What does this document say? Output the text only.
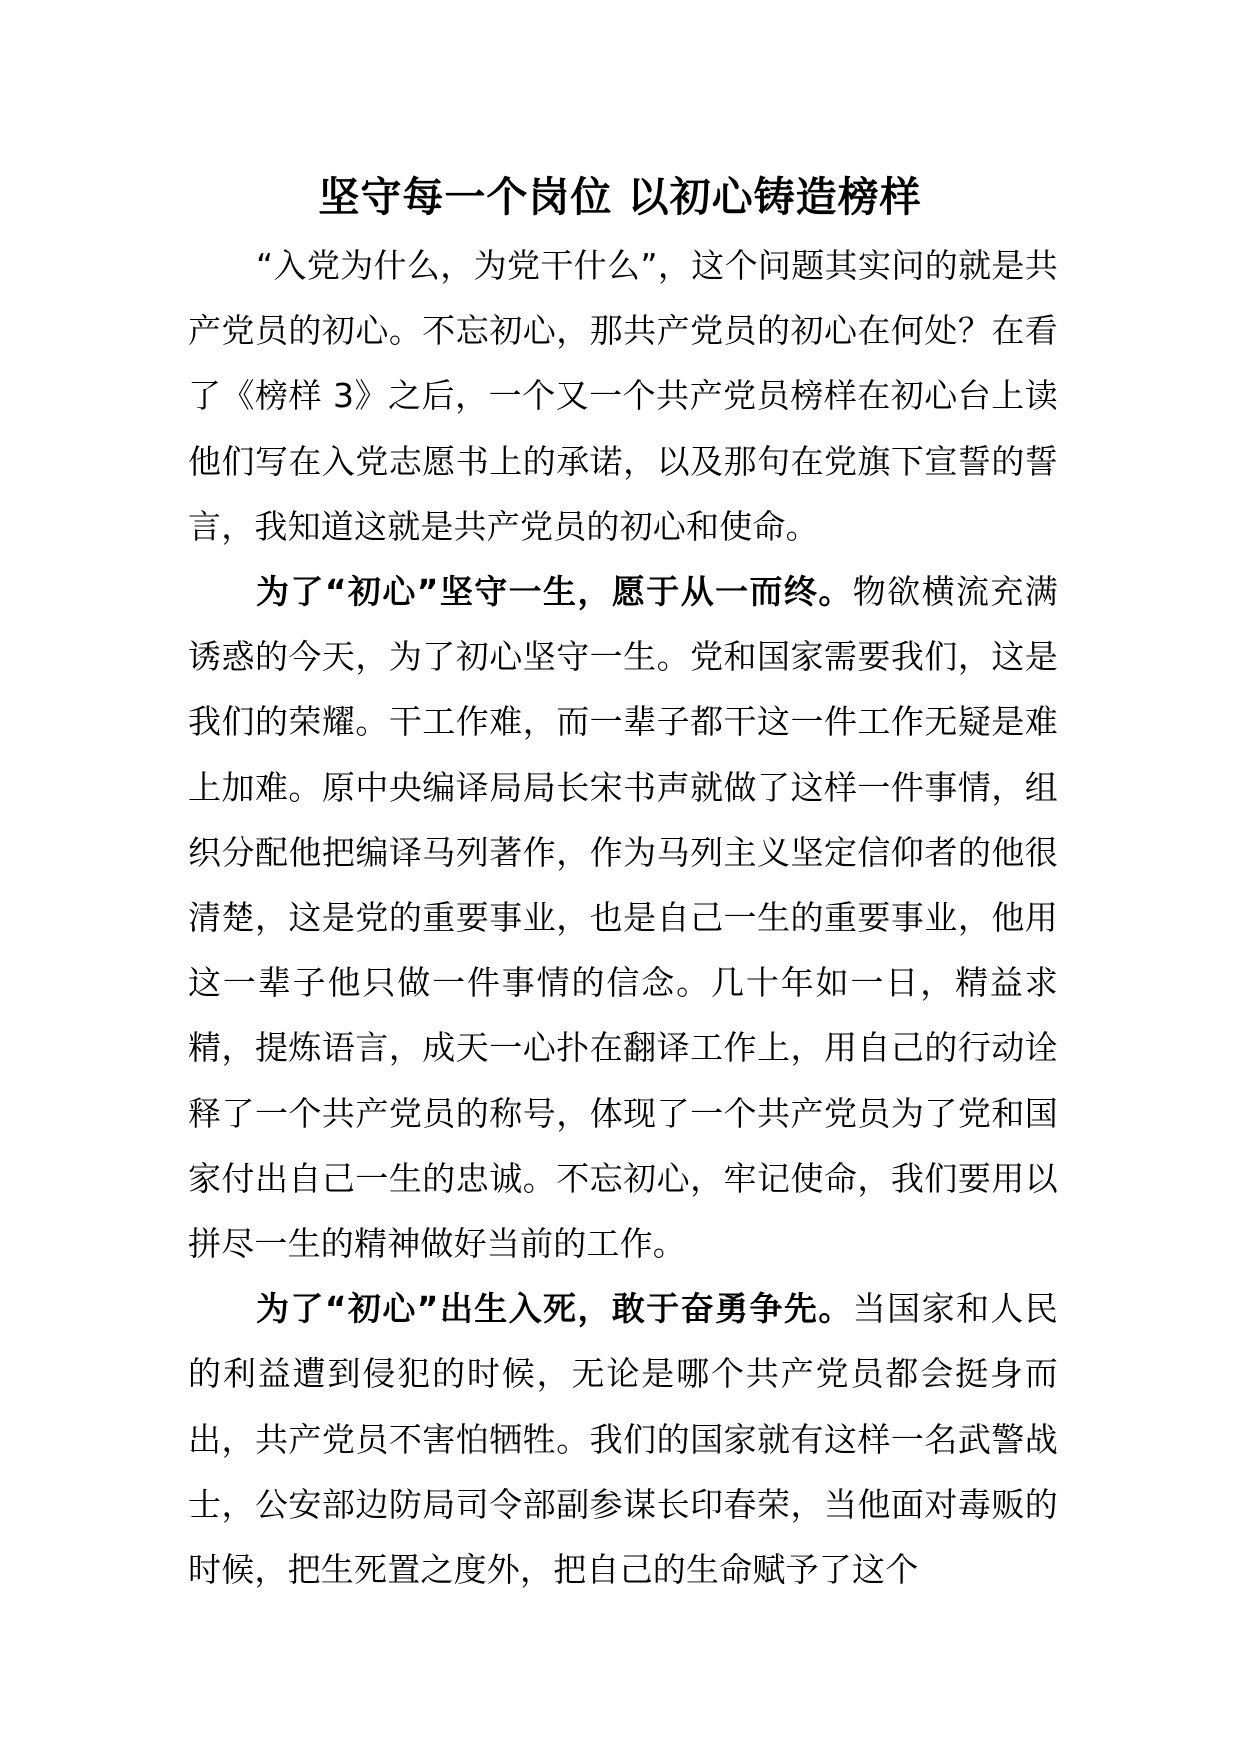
坚守每一个岗位 以初心铸造榜样

“入党为什么，为党干什么”，这个问题其实问的就是共产党员的初心。不忘初心，那共产党员的初心在何处？在看了《榜样 3》之后，一个又一个共产党员榜样在初心台上读他们写在入党志愿书上的承诺，以及那句在党旗下宣誓的誓言，我知道这就是共产党员的初心和使命。

为了“初心”坚守一生，愿于从一而终。物欲横流充满诱惑的今天，为了初心坚守一生。党和国家需要我们，这是我们的荣耀。干工作难，而一辈子都干这一件工作无疑是难上加难。原中央编译局局长宋书声就做了这样一件事情，组织分配他把编译马列著作，作为马列主义坚定信仰者的他很清楚，这是党的重要事业，也是自己一生的重要事业，他用这一辈子他只做一件事情的信念。几十年如一日，精益求精，提炼语言，成天一心扑在翻译工作上，用自己的行动诠释了一个共产党员的称号，体现了一个共产党员为了党和国家付出自己一生的忠诚。不忘初心，牢记使命，我们要用以拼尽一生的精神做好当前的工作。

为了“初心”出生入死，敢于奋勇争先。当国家和人民的利益遭到侵犯的时候，无论是哪个共产党员都会挺身而出，共产党员不害怕牺牲。我们的国家就有这样一名武警战士，公安部边防局司令部副参谋长印春荣，当他面对毒贩的时候，把生死置之度外，把自己的生命赋予了这个
